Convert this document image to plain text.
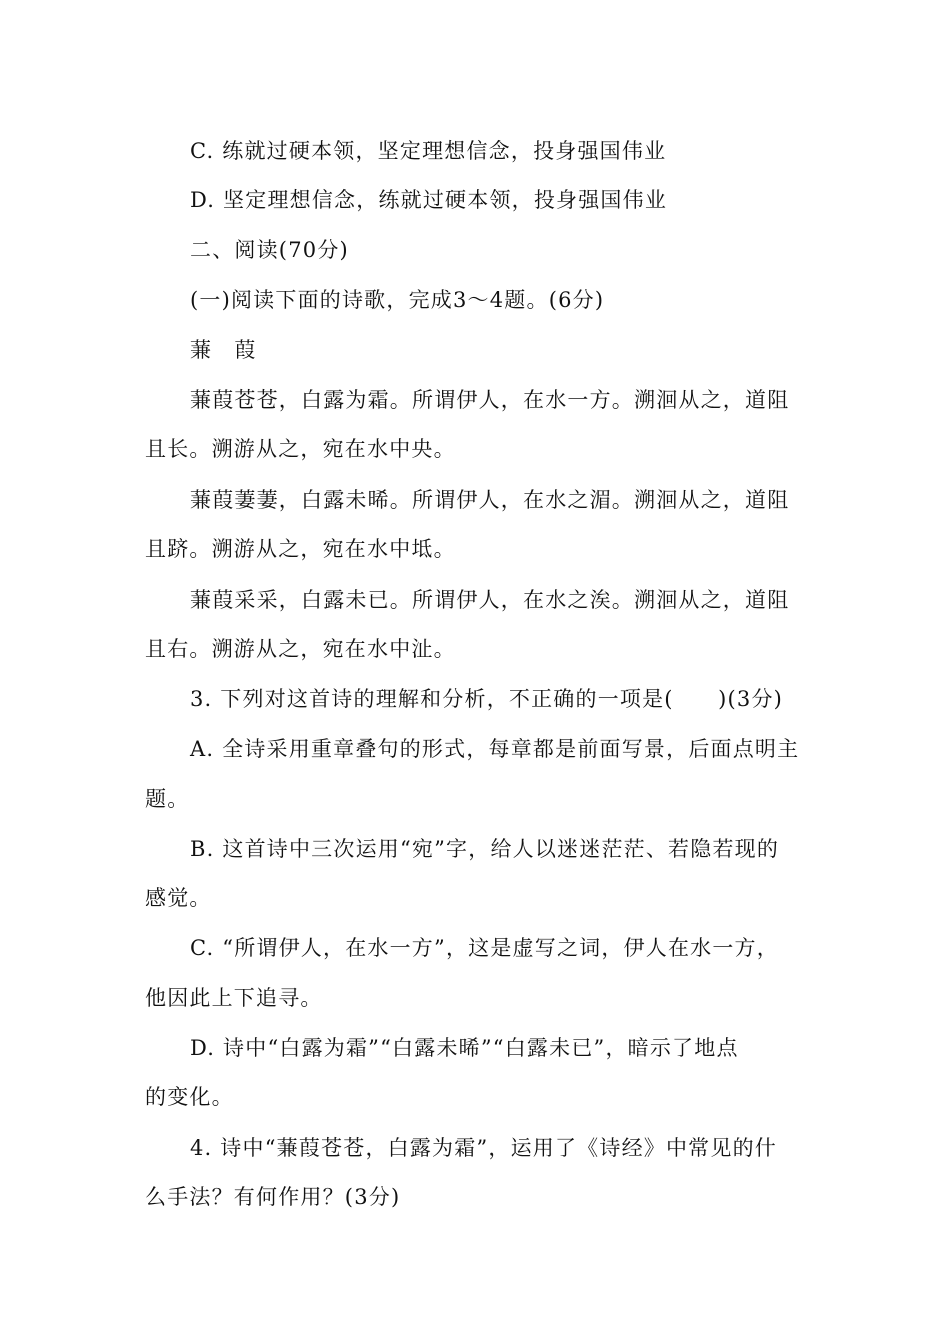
C. 练就过硬本领，坚定理想信念，投身强国伟业
D. 坚定理想信念，练就过硬本领，投身强国伟业
二、阅读(70分)
(一)阅读下面的诗歌，完成3～4题。(6分)
蒹　葭
蒹葭苍苍，白露为霜。所谓伊人，在水一方。溯洄从之，道阻
且长。溯游从之，宛在水中央。
蒹葭萋萋，白露未晞。所谓伊人，在水之湄。溯洄从之，道阻
且跻。溯游从之，宛在水中坻。
蒹葭采采，白露未已。所谓伊人，在水之涘。溯洄从之，道阻
且右。溯游从之，宛在水中沚。
3. 下列对这首诗的理解和分析，不正确的一项是(　　)(3分)
A. 全诗采用重章叠句的形式，每章都是前面写景，后面点明主
题。
B. 这首诗中三次运用“宛”字，给人以迷迷茫茫、若隐若现的
感觉。
C. “所谓伊人，在水一方”，这是虚写之词，伊人在水一方，
他因此上下追寻。
D. 诗中“白露为霜”“白露未晞”“白露未已”，暗示了地点
的变化。
4. 诗中“蒹葭苍苍，白露为霜”，运用了《诗经》中常见的什
么手法？有何作用？(3分)
